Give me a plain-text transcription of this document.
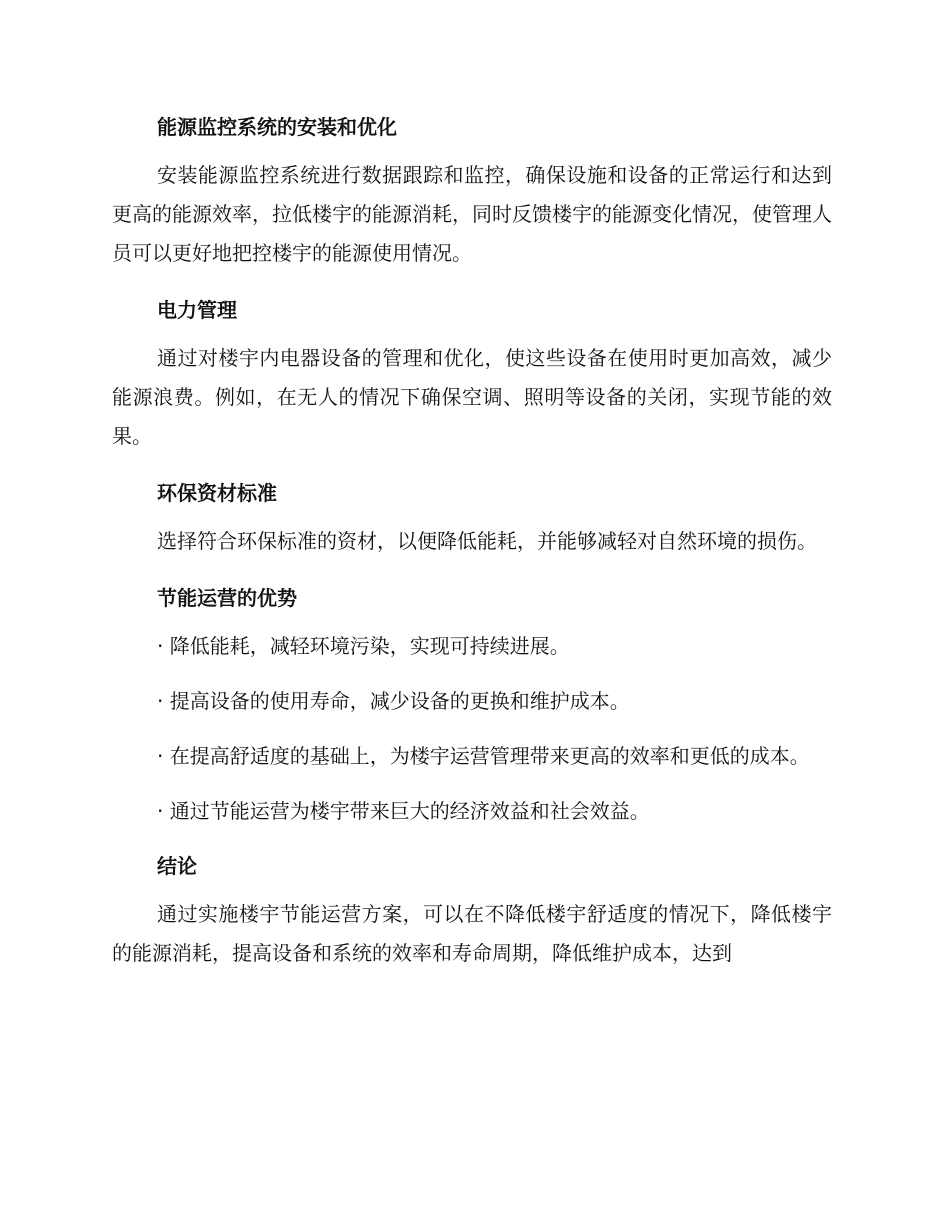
能源监控系统的安装和优化

安装能源监控系统进行数据跟踪和监控，确保设施和设备的正常运行和达到更高的能源效率，拉低楼宇的能源消耗，同时反馈楼宇的能源变化情况，使管理人员可以更好地把控楼宇的能源使用情况。

电力管理

通过对楼宇内电器设备的管理和优化，使这些设备在使用时更加高效，减少能源浪费。例如，在无人的情况下确保空调、照明等设备的关闭，实现节能的效果。

环保资材标准

选择符合环保标准的资材，以便降低能耗，并能够减轻对自然环境的损伤。

节能运营的优势

· 降低能耗，减轻环境污染，实现可持续进展。

· 提高设备的使用寿命，减少设备的更换和维护成本。

· 在提高舒适度的基础上，为楼宇运营管理带来更高的效率和更低的成本。

· 通过节能运营为楼宇带来巨大的经济效益和社会效益。

结论

通过实施楼宇节能运营方案，可以在不降低楼宇舒适度的情况下，降低楼宇的能源消耗，提高设备和系统的效率和寿命周期，降低维护成本，达到
